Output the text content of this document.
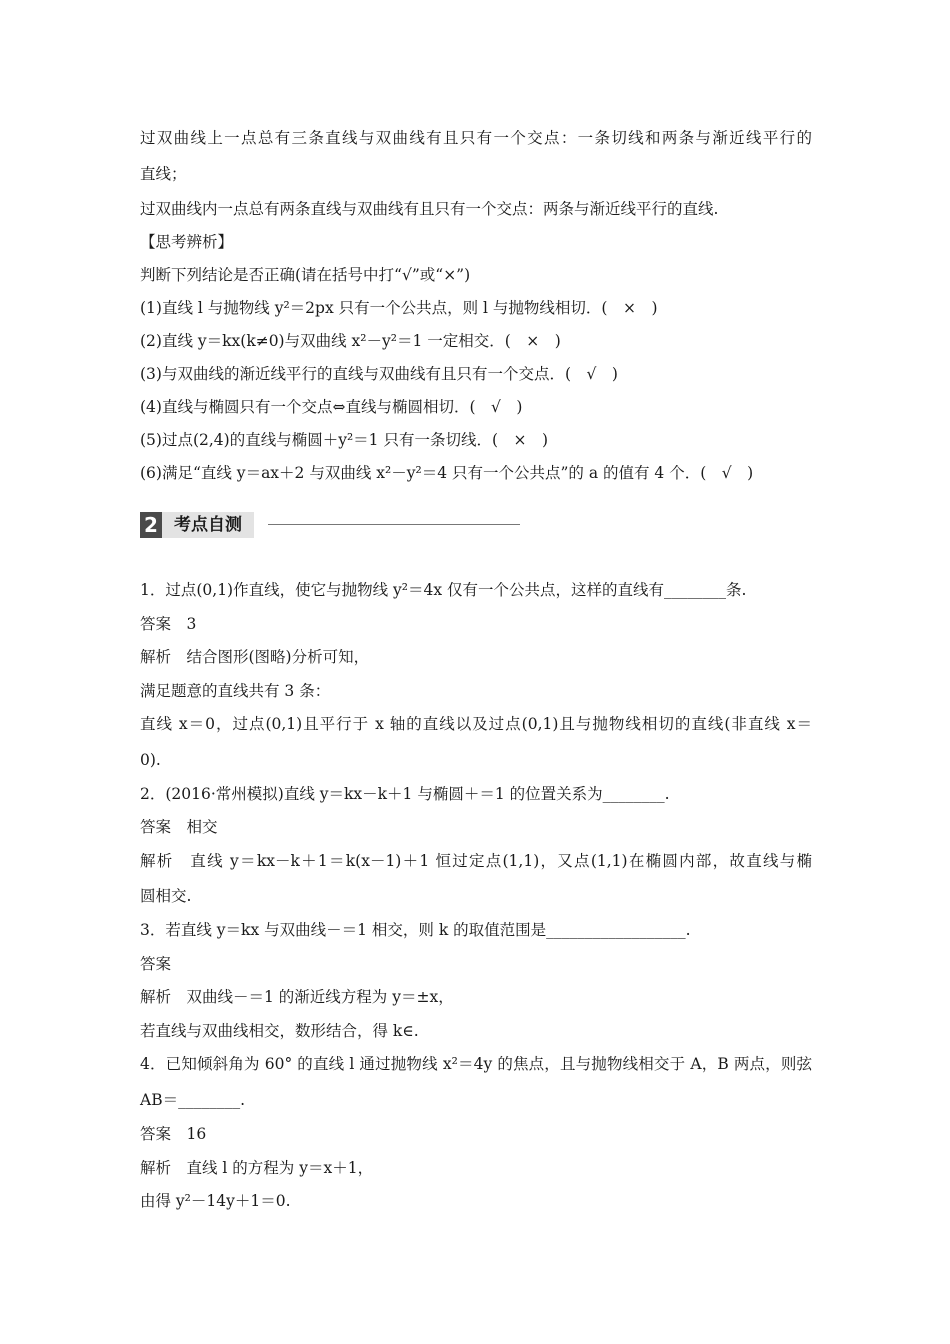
过双曲线上一点总有三条直线与双曲线有且只有一个交点：一条切线和两条与渐近线平行的
直线；
过双曲线内一点总有两条直线与双曲线有且只有一个交点：两条与渐近线平行的直线.
【思考辨析】
判断下列结论是否正确(请在括号中打“√”或“×”)
(1)直线 l 与抛物线 y²＝2px 只有一个公共点，则 l 与抛物线相切．(　×　)
(2)直线 y＝kx(k≠0)与双曲线 x²－y²＝1 一定相交．(　×　)
(3)与双曲线的渐近线平行的直线与双曲线有且只有一个交点．(　√　)
(4)直线与椭圆只有一个交点⇔直线与椭圆相切．(　√　)
(5)过点(2,4)的直线与椭圆＋y²＝1 只有一条切线．(　×　)
(6)满足“直线 y＝ax＋2 与双曲线 x²－y²＝4 只有一个公共点”的 a 的值有 4 个．(　√　)
1．过点(0,1)作直线，使它与抛物线 y²＝4x 仅有一个公共点，这样的直线有________条.
答案　3
解析　结合图形(图略)分析可知，
满足题意的直线共有 3 条：
直线 x＝0，过点(0,1)且平行于 x 轴的直线以及过点(0,1)且与抛物线相切的直线(非直线 x＝
0).
2．(2016·常州模拟)直线 y＝kx－k＋1 与椭圆＋＝1 的位置关系为________.
答案　相交
解析　直线 y＝kx－k＋1＝k(x－1)＋1 恒过定点(1,1)，又点(1,1)在椭圆内部，故直线与椭
圆相交.
3．若直线 y＝kx 与双曲线－＝1 相交，则 k 的取值范围是__________________.
答案
解析　双曲线－＝1 的渐近线方程为 y＝±x，
若直线与双曲线相交，数形结合，得 k∈.
4．已知倾斜角为 60° 的直线 l 通过抛物线 x²＝4y 的焦点，且与抛物线相交于 A，B 两点，则弦
AB＝________.
答案　16
解析　直线 l 的方程为 y＝x＋1，
由得 y²－14y＋1＝0.
2 考点自测
